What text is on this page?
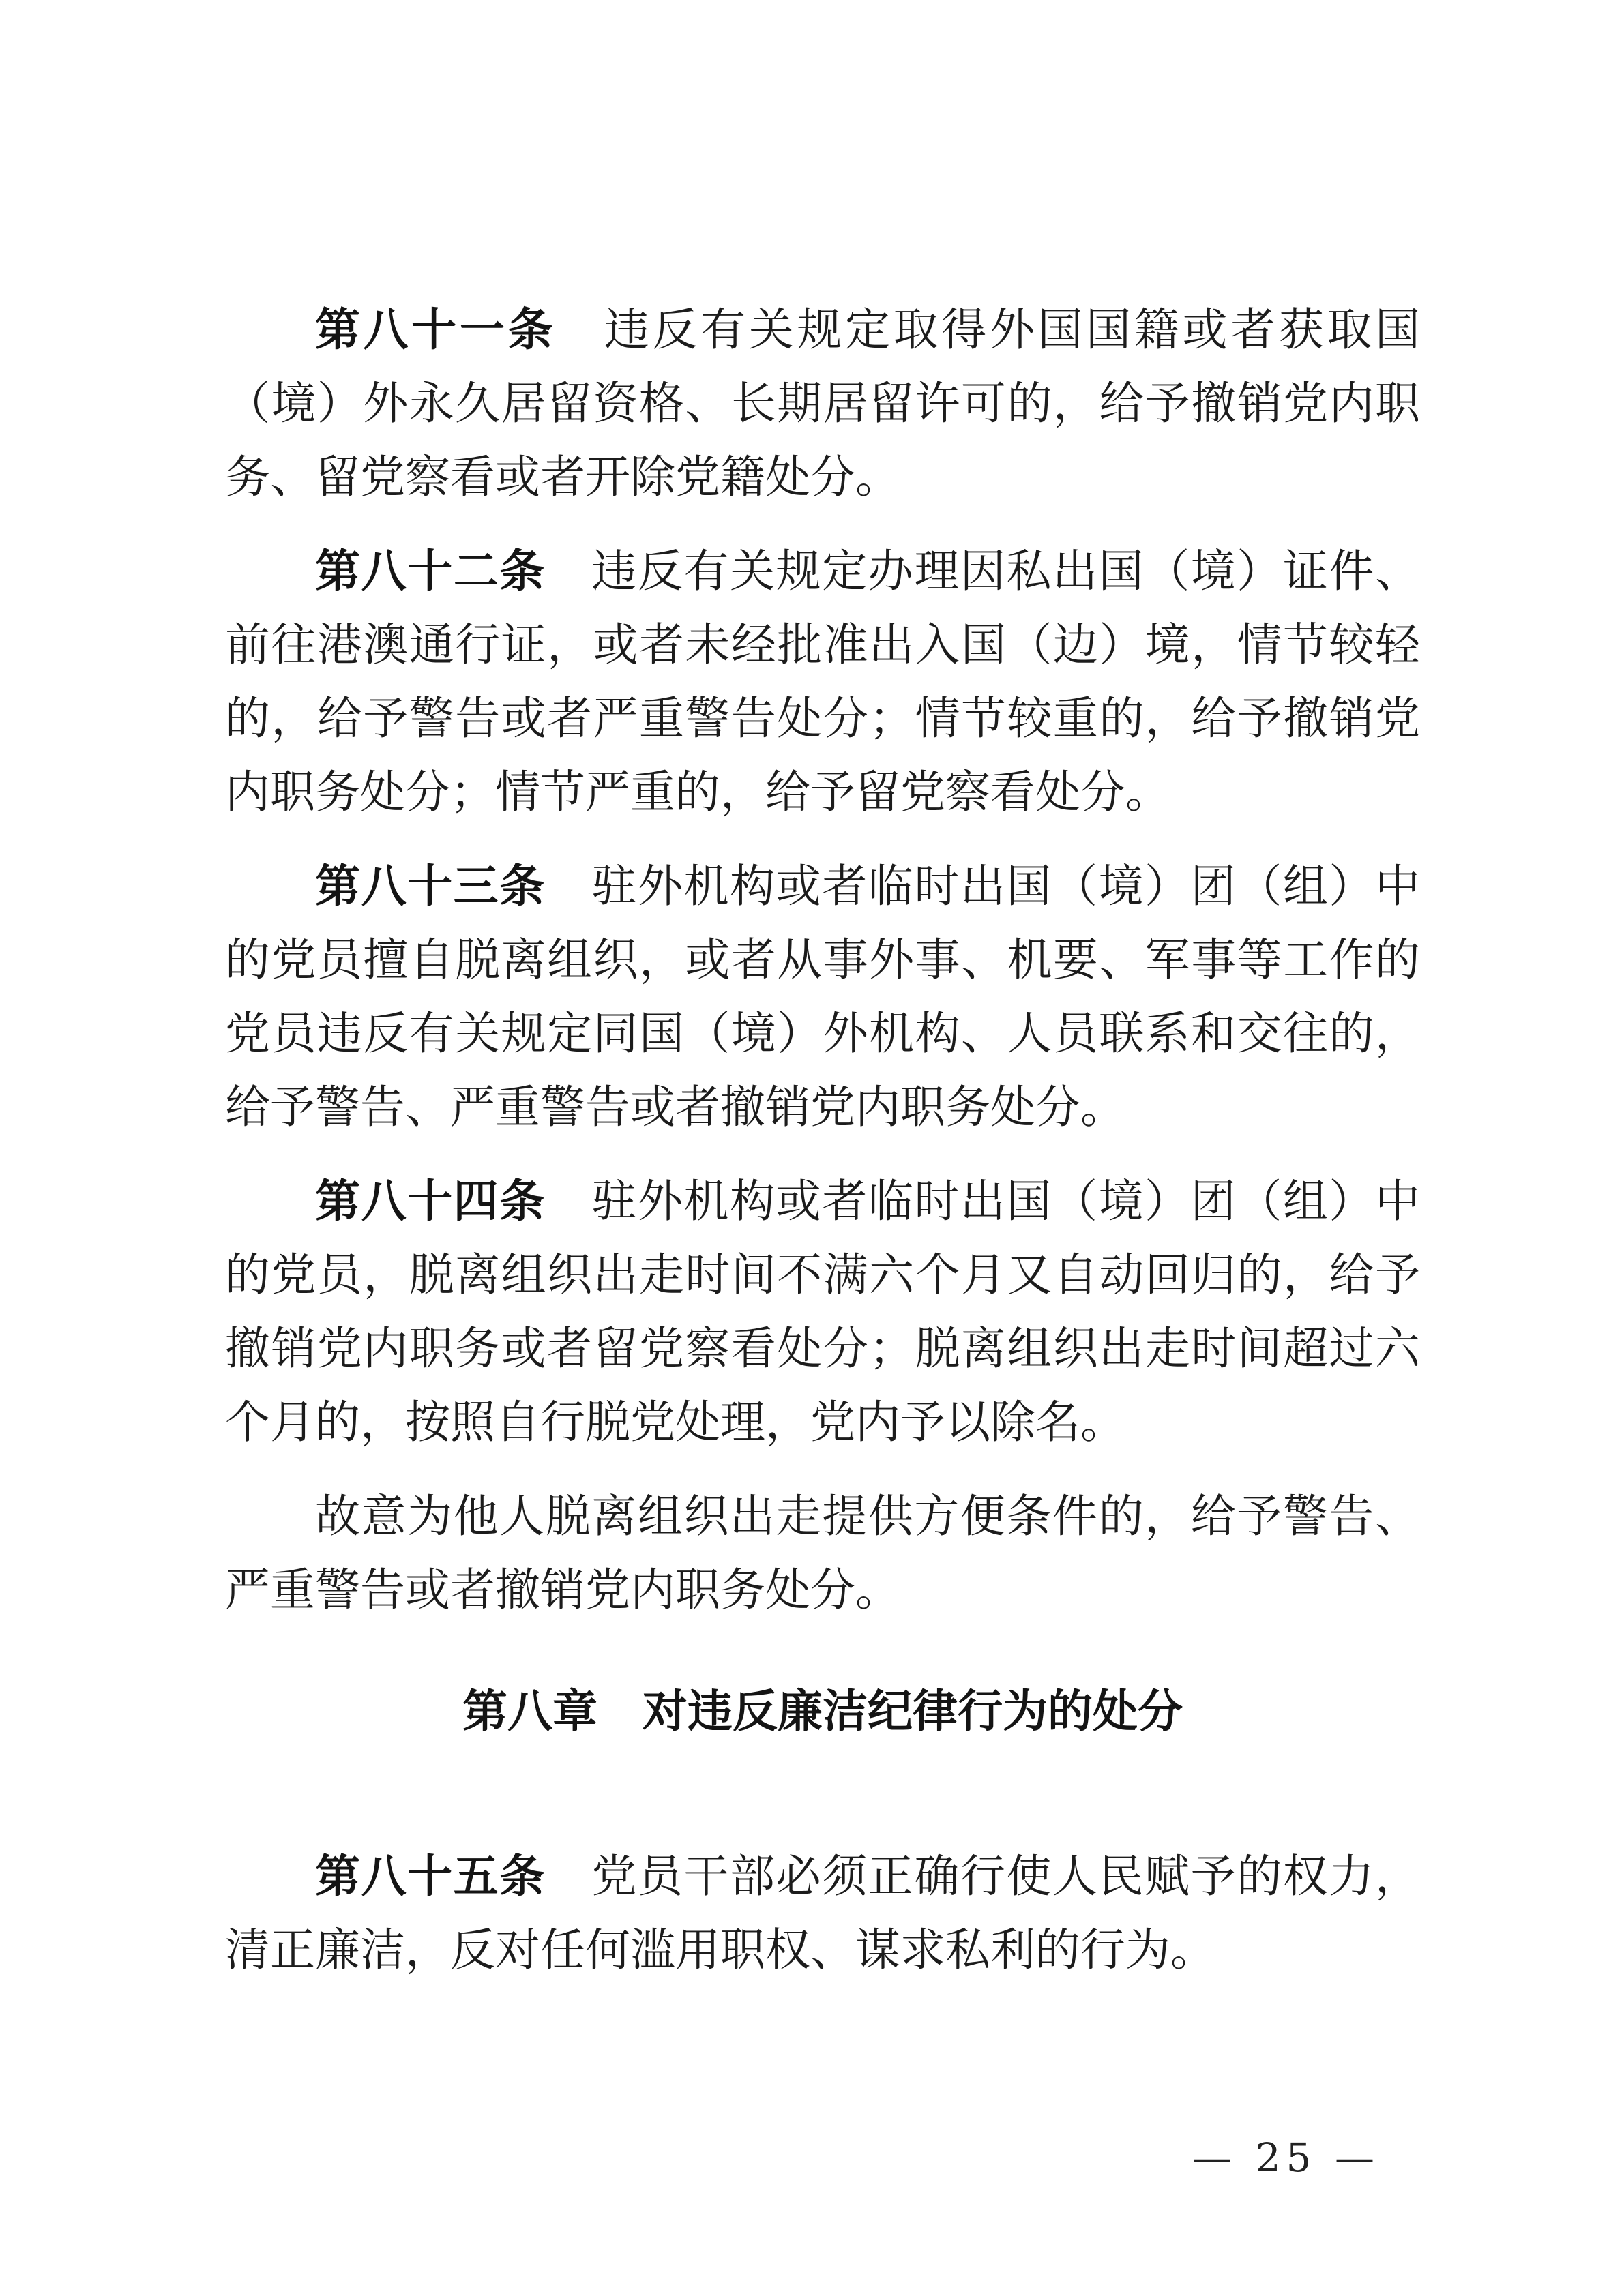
第八十一条　违反有关规定取得外国国籍或者获取国（境）外永久居留资格、长期居留许可的，给予撤销党内职务、留党察看或者开除党籍处分。

第八十二条　违反有关规定办理因私出国（境）证件、前往港澳通行证，或者未经批准出入国（边）境，情节较轻的，给予警告或者严重警告处分；情节较重的，给予撤销党内职务处分；情节严重的，给予留党察看处分。

第八十三条　驻外机构或者临时出国（境）团（组）中的党员擅自脱离组织，或者从事外事、机要、军事等工作的党员违反有关规定同国（境）外机构、人员联系和交往的，给予警告、严重警告或者撤销党内职务处分。

第八十四条　驻外机构或者临时出国（境）团（组）中的党员，脱离组织出走时间不满六个月又自动回归的，给予撤销党内职务或者留党察看处分；脱离组织出走时间超过六个月的，按照自行脱党处理，党内予以除名。

故意为他人脱离组织出走提供方便条件的，给予警告、严重警告或者撤销党内职务处分。

第八章　对违反廉洁纪律行为的处分

第八十五条　党员干部必须正确行使人民赋予的权力，清正廉洁，反对任何滥用职权、谋求私利的行为。

— 25 —
